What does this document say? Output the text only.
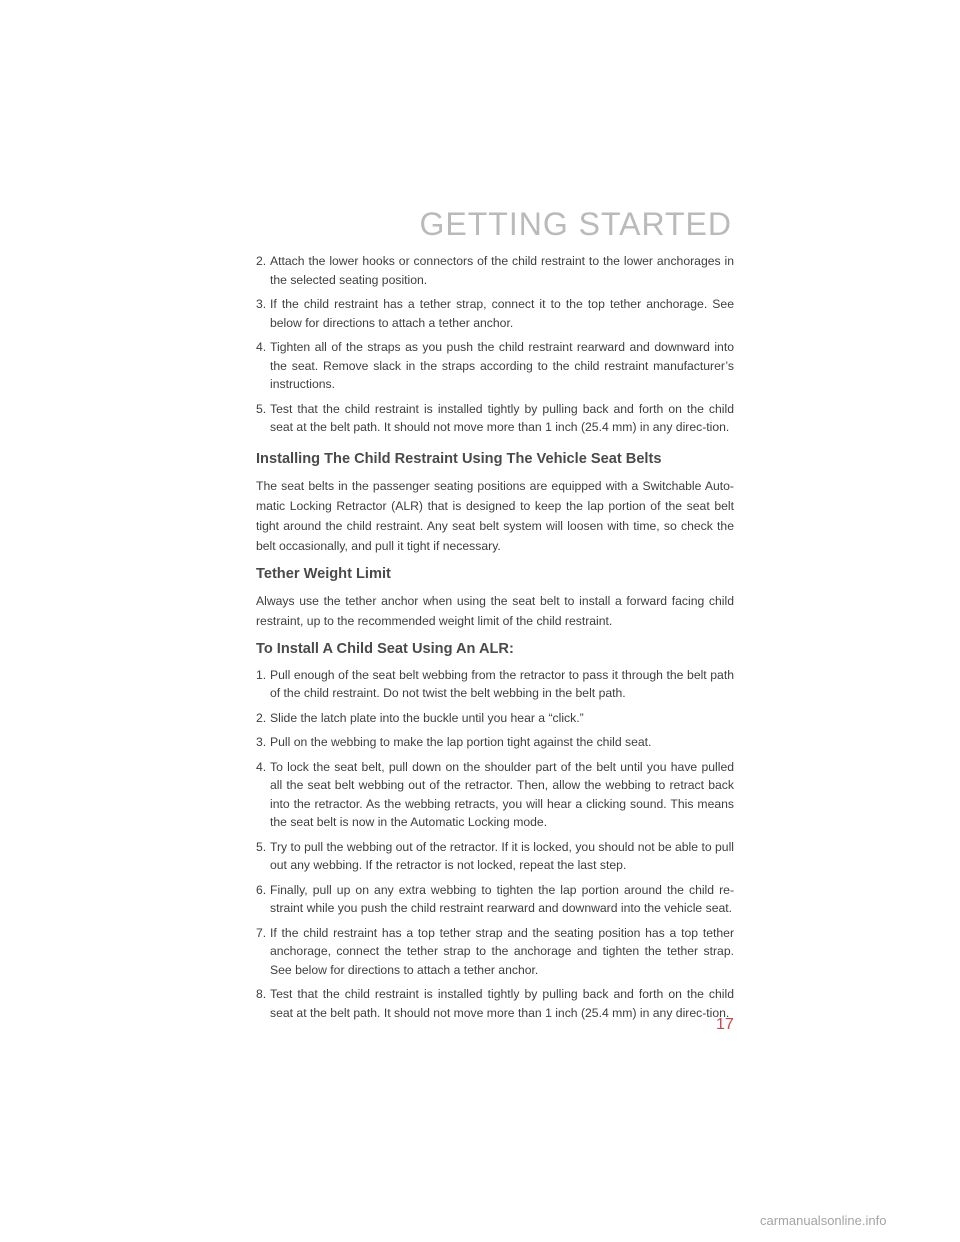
GETTING STARTED
2. Attach the lower hooks or connectors of the child restraint to the lower anchorages in the selected seating position.
3. If the child restraint has a tether strap, connect it to the top tether anchorage. See below for directions to attach a tether anchor.
4. Tighten all of the straps as you push the child restraint rearward and downward into the seat. Remove slack in the straps according to the child restraint manufacturer’s instructions.
5. Test that the child restraint is installed tightly by pulling back and forth on the child seat at the belt path. It should not move more than 1 inch (25.4 mm) in any direc-tion.
Installing The Child Restraint Using The Vehicle Seat Belts

The seat belts in the passenger seating positions are equipped with a Switchable Auto-matic Locking Retractor (ALR) that is designed to keep the lap portion of the seat belt tight around the child restraint. Any seat belt system will loosen with time, so check the belt occasionally, and pull it tight if necessary.

Tether Weight Limit

Always use the tether anchor when using the seat belt to install a forward facing child restraint, up to the recommended weight limit of the child restraint.

To Install A Child Seat Using An ALR:
1. Pull enough of the seat belt webbing from the retractor to pass it through the belt path of the child restraint. Do not twist the belt webbing in the belt path.
2. Slide the latch plate into the buckle until you hear a “click.”
3. Pull on the webbing to make the lap portion tight against the child seat.
4. To lock the seat belt, pull down on the shoulder part of the belt until you have pulled all the seat belt webbing out of the retractor. Then, allow the webbing to retract back into the retractor. As the webbing retracts, you will hear a clicking sound. This means the seat belt is now in the Automatic Locking mode.
5. Try to pull the webbing out of the retractor. If it is locked, you should not be able to pull out any webbing. If the retractor is not locked, repeat the last step.
6. Finally, pull up on any extra webbing to tighten the lap portion around the child re-straint while you push the child restraint rearward and downward into the vehicle seat.
7. If the child restraint has a top tether strap and the seating position has a top tether anchorage, connect the tether strap to the anchorage and tighten the tether strap. See below for directions to attach a tether anchor.
8. Test that the child restraint is installed tightly by pulling back and forth on the child seat at the belt path. It should not move more than 1 inch (25.4 mm) in any direc-tion.
17
carmanualsonline.info
